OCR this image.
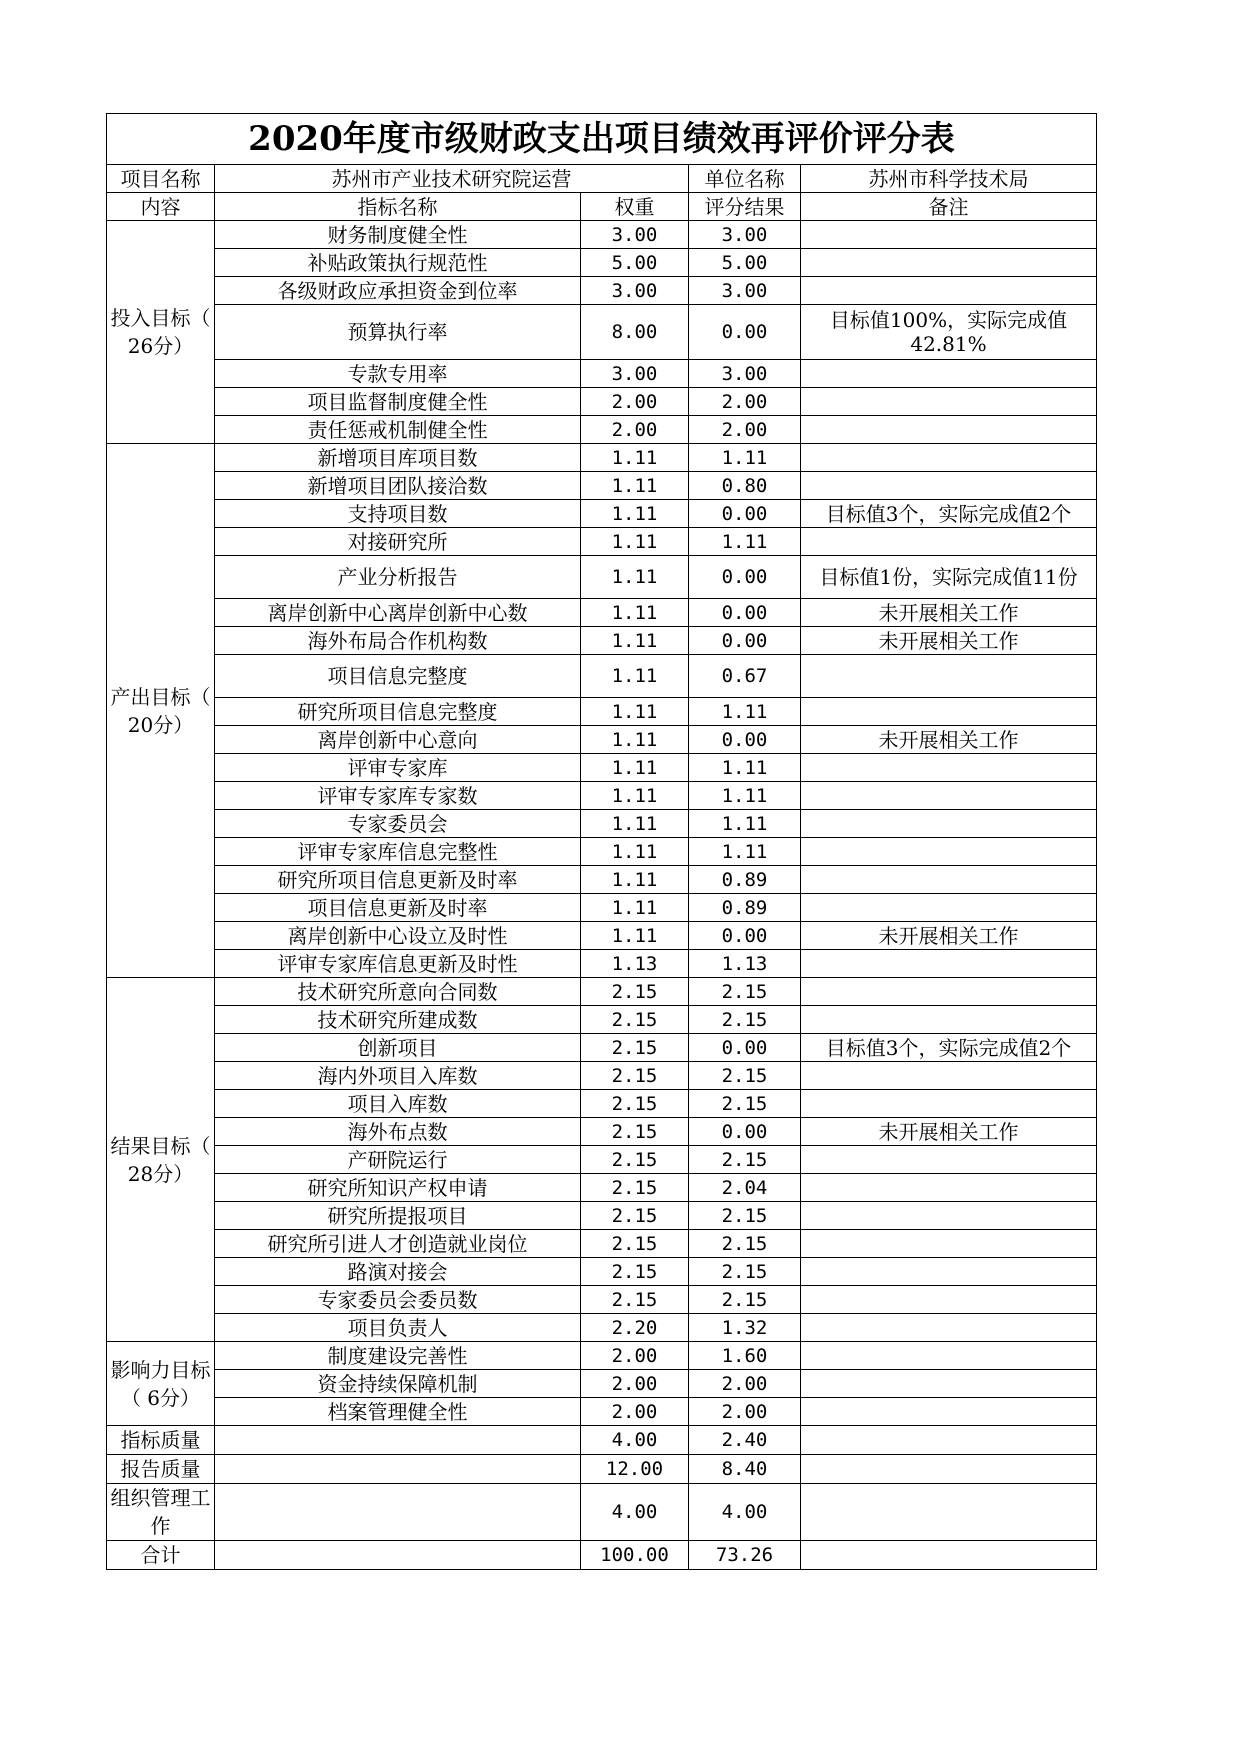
2020年度市级财政支出项目绩效再评价评分表				
项目名称	苏州市产业技术研究院运营		单位名称	苏州市科学技术局
内容	指标名称	权重	评分结果	备注
投入目标（　26分）	财务制度健全性	3.00	3.00	
	补贴政策执行规范性	5.00	5.00	
	各级财政应承担资金到位率	3.00	3.00	
	预算执行率	8.00	0.00	目标值100%，实际完成值42.81%
	专款专用率	3.00	3.00	
	项目监督制度健全性	2.00	2.00	
	责任惩戒机制健全性	2.00	2.00	
产出目标（ 20分）	新增项目库项目数	1.11	1.11	
	新增项目团队接洽数	1.11	0.80	
	支持项目数	1.11	0.00	目标值3个，实际完成值2个
	对接研究所	1.11	1.11	
	产业分析报告	1.11	0.00	目标值1份，实际完成值11份
	离岸创新中心离岸创新中心数	1.11	0.00	未开展相关工作
	海外布局合作机构数	1.11	0.00	未开展相关工作
	项目信息完整度	1.11	0.67	
	研究所项目信息完整度	1.11	1.11	
	离岸创新中心意向	1.11	0.00	未开展相关工作
	评审专家库	1.11	1.11	
	评审专家库专家数	1.11	1.11	
	专家委员会	1.11	1.11	
	评审专家库信息完整性	1.11	1.11	
	研究所项目信息更新及时率	1.11	0.89	
	项目信息更新及时率	1.11	0.89	
	离岸创新中心设立及时性	1.11	0.00	未开展相关工作
	评审专家库信息更新及时性	1.13	1.13	
结果目标（　28分）	技术研究所意向合同数	2.15	2.15	
	技术研究所建成数	2.15	2.15	
	创新项目	2.15	0.00	目标值3个，实际完成值2个
	海内外项目入库数	2.15	2.15	
	项目入库数	2.15	2.15	
	海外布点数	2.15	0.00	未开展相关工作
	产研院运行	2.15	2.15	
	研究所知识产权申请	2.15	2.04	
	研究所提报项目	2.15	2.15	
	研究所引进人才创造就业岗位	2.15	2.15	
	路演对接会	2.15	2.15	
	专家委员会委员数	2.15	2.15	
	项目负责人	2.20	1.32	
影响力目标（ 6分）	制度建设完善性	2.00	1.60	
	资金持续保障机制	2.00	2.00	
	档案管理健全性	2.00	2.00	
指标质量		4.00	2.40	
报告质量		12.00	8.40	
组织管理工作		4.00	4.00	
合计		100.00	73.26	
